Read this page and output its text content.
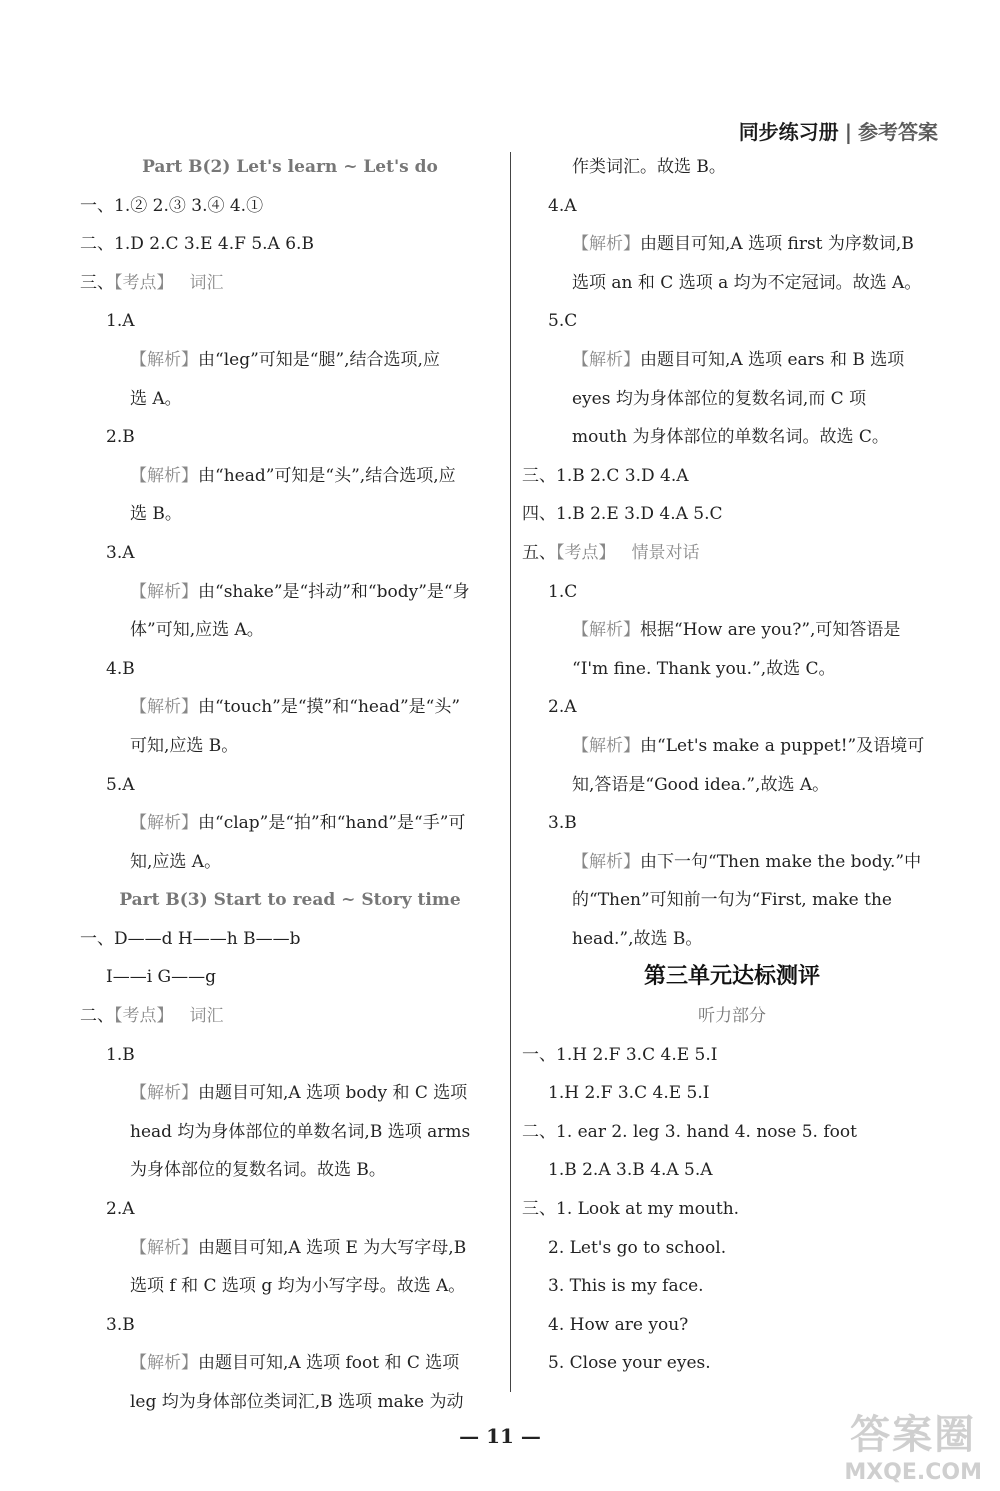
同步练习册 | 参考答案
Part B(2) Let's learn ~ Let's do
一、1.② 2.③ 3.④ 4.①
二、1.D 2.C 3.E 4.F 5.A 6.B
三、【考点】 词汇
1.A
【解析】由“leg”可知是“腿”,结合选项,应
选 A。
2.B
【解析】由“head”可知是“头”,结合选项,应
选 B。
3.A
【解析】由“shake”是“抖动”和“body”是“身
体”可知,应选 A。
4.B
【解析】由“touch”是“摸”和“head”是“头”
可知,应选 B。
5.A
【解析】由“clap”是“拍”和“hand”是“手”可
知,应选 A。
Part B(3) Start to read ~ Story time
一、D——d H——h B——b
I——i G——g
二、【考点】 词汇
1.B
【解析】由题目可知,A 选项 body 和 C 选项
head 均为身体部位的单数名词,B 选项 arms
为身体部位的复数名词。故选 B。
2.A
【解析】由题目可知,A 选项 E 为大写字母,B
选项 f 和 C 选项 g 均为小写字母。故选 A。
3.B
【解析】由题目可知,A 选项 foot 和 C 选项
leg 均为身体部位类词汇,B 选项 make 为动
作类词汇。故选 B。
4.A
【解析】由题目可知,A 选项 first 为序数词,B
选项 an 和 C 选项 a 均为不定冠词。故选 A。
5.C
【解析】由题目可知,A 选项 ears 和 B 选项
eyes 均为身体部位的复数名词,而 C 项
mouth 为身体部位的单数名词。故选 C。
三、1.B 2.C 3.D 4.A
四、1.B 2.E 3.D 4.A 5.C
五、【考点】 情景对话
1.C
【解析】根据“How are you?”,可知答语是
“I'm fine. Thank you.”,故选 C。
2.A
【解析】由“Let's make a puppet!”及语境可
知,答语是“Good idea.”,故选 A。
3.B
【解析】由下一句“Then make the body.”中
的“Then”可知前一句为“First, make the
head.”,故选 B。
第三单元达标测评
听力部分
一、1.H 2.F 3.C 4.E 5.I
1.H 2.F 3.C 4.E 5.I
二、1. ear 2. leg 3. hand 4. nose 5. foot
1.B 2.A 3.B 4.A 5.A
三、1. Look at my mouth.
2. Let's go to school.
3. This is my face.
4. How are you?
5. Close your eyes.
— 11 —	答案圈
MXQE.COM
